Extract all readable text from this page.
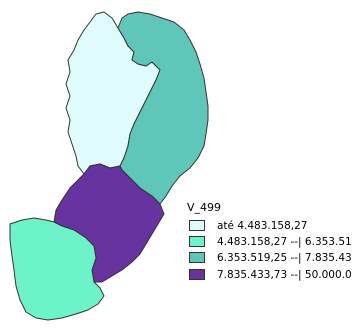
V_499
até 4.483.158,27
4.483.158,27 --| 6.353.51
6.353.519,25 --| 7.835.43
7.835.433,73 --| 50.000.0
